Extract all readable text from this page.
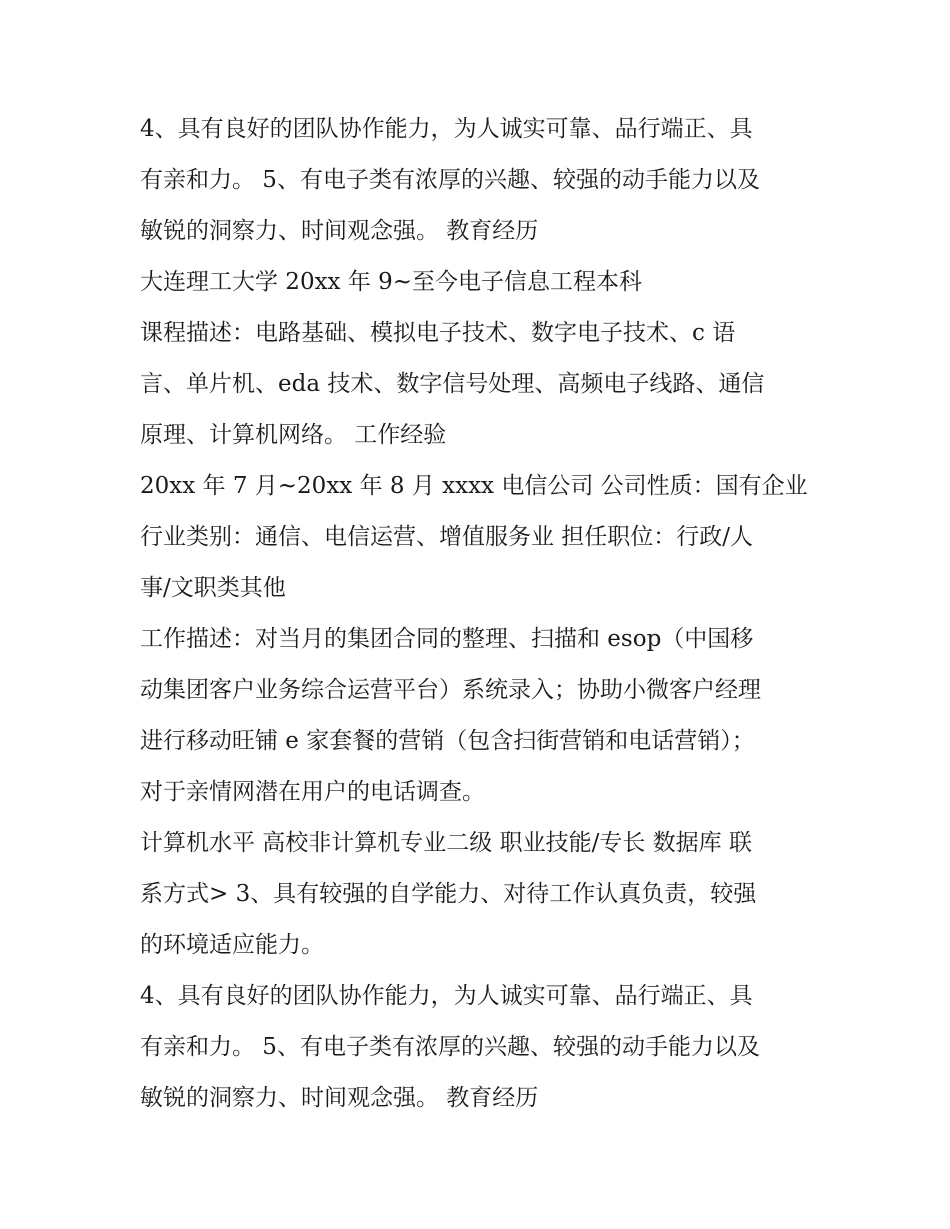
4、具有良好的团队协作能力，为人诚实可靠、品行端正、具
有亲和力。 5、有电子类有浓厚的兴趣、较强的动手能力以及
敏锐的洞察力、时间观念强。 教育经历
大连理工大学 20xx 年 9~至今电子信息工程本科
课程描述：电路基础、模拟电子技术、数字电子技术、c 语
言、单片机、eda 技术、数字信号处理、高频电子线路、通信
原理、计算机网络。 工作经验
20xx 年 7 月~20xx 年 8 月 xxxx 电信公司 公司性质：国有企业
行业类别：通信、电信运营、增值服务业 担任职位：行政/人
事/文职类其他
工作描述：对当月的集团合同的整理、扫描和 esop（中国移
动集团客户业务综合运营平台）系统录入；协助小微客户经理
进行移动旺铺 e 家套餐的营销（包含扫街营销和电话营销）；
对于亲情网潜在用户的电话调查。
计算机水平 高校非计算机专业二级 职业技能/专长 数据库 联
系方式> 3、具有较强的自学能力、对待工作认真负责，较强
的环境适应能力。
4、具有良好的团队协作能力，为人诚实可靠、品行端正、具
有亲和力。 5、有电子类有浓厚的兴趣、较强的动手能力以及
敏锐的洞察力、时间观念强。 教育经历
